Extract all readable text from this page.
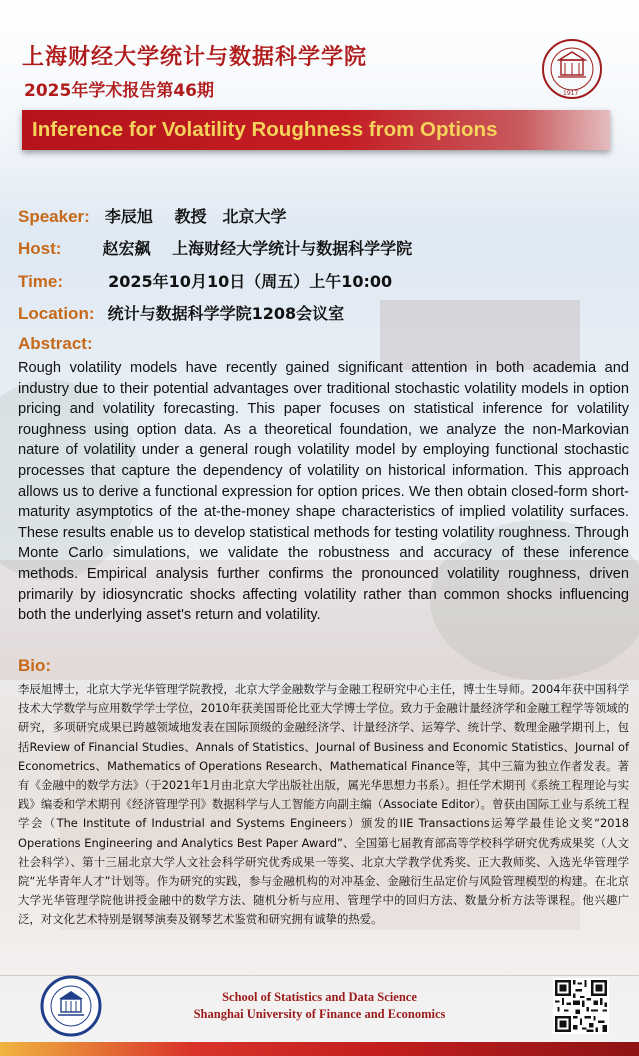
上海财经大学统计与数据科学学院
2025年学术报告第46期	1917
Inference for Volatility Roughness from Options
Speaker: 李辰旭　 教授　北京大学
Host:	赵宏飙　 上海财经大学统计与数据科学学院
Time:	2025年10月10日（周五）上午10:00
Location: 统计与数据科学学院1208会议室
Abstract:
Rough volatility models have recently gained significant attention in both academia and industry due to their potential advantages over traditional stochastic volatility models in option pricing and volatility forecasting. This paper focuses on statistical inference for volatility roughness using option data. As a theoretical foundation, we analyze the non-Markovian nature of volatility under a general rough volatility model by employing functional stochastic processes that capture the dependency of volatility on historical information. This approach allows us to derive a functional expression for option prices. We then obtain closed-form short-maturity asymptotics of the at-the-money shape characteristics of implied volatility surfaces. These results enable us to develop statistical methods for testing volatility roughness. Through Monte Carlo simulations, we validate the robustness and accuracy of these inference methods. Empirical analysis further confirms the pronounced volatility roughness, driven primarily by idiosyncratic shocks affecting volatility rather than common shocks influencing both the underlying asset's return and volatility.
Bio:
李辰旭博士，北京大学光华管理学院教授，北京大学金融数学与金融工程研究中心主任，博士生导师。2004年获中国科学技术大学数学与应用数学学士学位，2010年获美国哥伦比亚大学博士学位。致力于金融计量经济学和金融工程学等领域的研究，多项研究成果已跨越领域地发表在国际顶级的金融经济学、计量经济学、运筹学、统计学、数理金融学期刊上，包括Review of Financial Studies、Annals of Statistics、Journal of Business and Economic Statistics、Journal of Econometrics、Mathematics of Operations Research、Mathematical Finance等，其中三篇为独立作者发表。著有《金融中的数学方法》（于2021年1月由北京大学出版社出版，属光华思想力书系）。担任学术期刊《系统工程理论与实践》编委和学术期刊《经济管理学刊》数据科学与人工智能方向副主编（Associate Editor）。曾获由国际工业与系统工程学会（The Institute of Industrial and Systems Engineers）颁发的IIE Transactions运筹学最佳论文奖“2018 Operations Engineering and Analytics Best Paper Award”、全国第七届教育部高等学校科学研究优秀成果奖（人文社会科学）、第十三届北京大学人文社会科学研究优秀成果一等奖、北京大学教学优秀奖、正大教师奖、入选光华管理学院“光华青年人才”计划等。作为研究的实践，参与金融机构的对冲基金、金融衍生品定价与风险管理模型的构建。在北京大学光华管理学院他讲授金融中的数学方法、随机分析与应用、管理学中的回归方法、数量分析方法等课程。他兴趣广泛，对文化艺术特别是钢琴演奏及钢琴艺术鉴赏和研究拥有诚挚的热爱。
School of Statistics and Data Science
Shanghai University of Finance and Economics
